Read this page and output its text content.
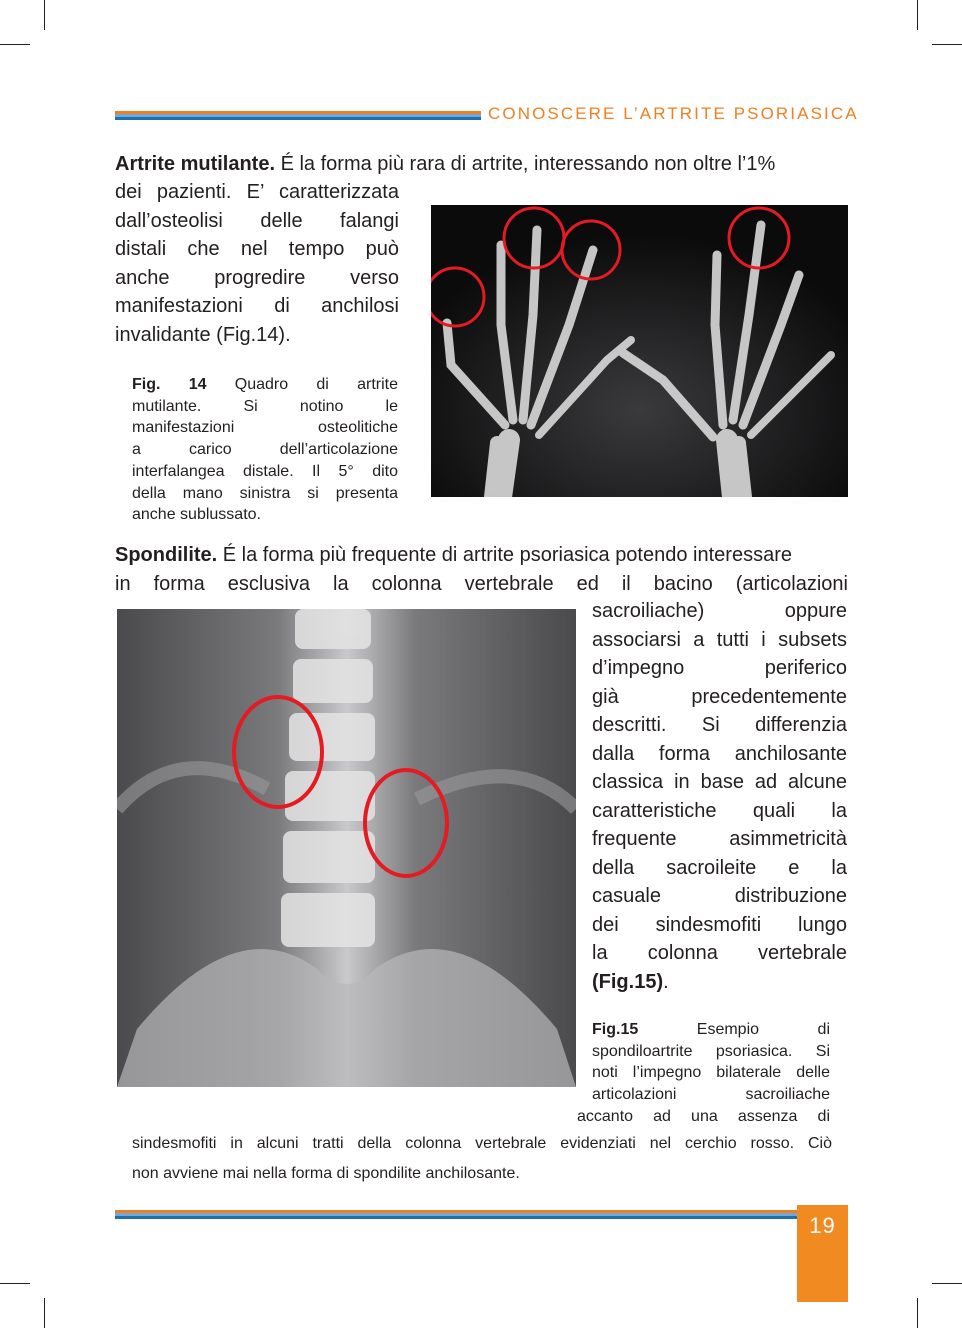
CONOSCERE L’ARTRITE PSORIASICA
Artrite mutilante. É la forma più rara di artrite, interessando non oltre l’1%
dei pazienti. E’ caratterizzata
dall’osteolisi delle falangi
distali che nel tempo può
anche progredire verso
manifestazioni di anchilosi
invalidante (Fig.14).
Fig. 14 Quadro di artrite
mutilante. Si notino le
manifestazioni osteolitiche
a carico dell’articolazione
interfalangea distale. Il 5° dito
della mano sinistra si presenta
anche sublussato.
Spondilite. É la forma più frequente di artrite psoriasica potendo interessare
in forma esclusiva la colonna vertebrale ed il bacino (articolazioni
sacroiliache) oppure
associarsi a tutti i subsets
d’impegno periferico
già precedentemente
descritti. Si differenzia
dalla forma anchilosante
classica in base ad alcune
caratteristiche quali la
frequente asimmetricità
della sacroileite e la
casuale distribuzione
dei sindesmofiti lungo
la colonna vertebrale
(Fig.15).
Fig.15 Esempio di
spondiloartrite psoriasica. Si
noti l’impegno bilaterale delle
articolazioni sacroiliache
accanto ad una assenza di
sindesmofiti in alcuni tratti della colonna vertebrale evidenziati nel cerchio rosso. Ciò
non avviene mai nella forma di spondilite anchilosante.
19
